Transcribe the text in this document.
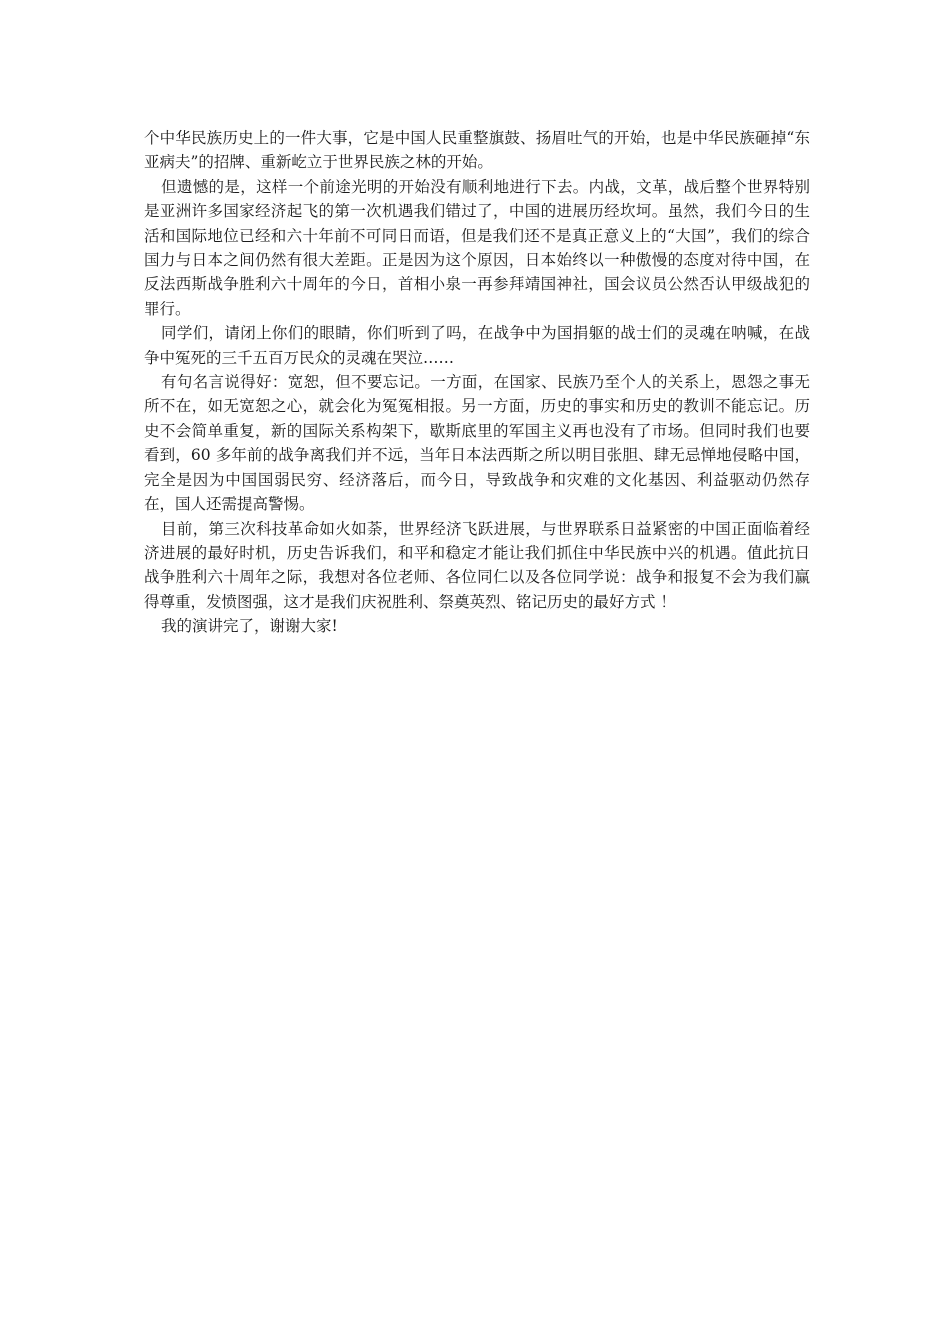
个中华民族历史上的一件大事，它是中国人民重整旗鼓、扬眉吐气的开始，也是中华民族砸掉“东亚病夫”的招牌、重新屹立于世界民族之林的开始。

但遗憾的是，这样一个前途光明的开始没有顺利地进行下去。内战，文革，战后整个世界特别是亚洲许多国家经济起飞的第一次机遇我们错过了，中国的进展历经坎坷。虽然，我们今日的生活和国际地位已经和六十年前不可同日而语，但是我们还不是真正意义上的“大国”，我们的综合国力与日本之间仍然有很大差距。正是因为这个原因，日本始终以一种傲慢的态度对待中国，在反法西斯战争胜利六十周年的今日，首相小泉一再参拜靖国神社，国会议员公然否认甲级战犯的罪行。

同学们，请闭上你们的眼睛，你们听到了吗，在战争中为国捐躯的战士们的灵魂在呐喊，在战争中冤死的三千五百万民众的灵魂在哭泣……

有句名言说得好：宽恕，但不要忘记。一方面，在国家、民族乃至个人的关系上，恩怨之事无所不在，如无宽恕之心，就会化为冤冤相报。另一方面，历史的事实和历史的教训不能忘记。历史不会简单重复，新的国际关系构架下，歇斯底里的军国主义再也没有了市场。但同时我们也要看到，60 多年前的战争离我们并不远，当年日本法西斯之所以明目张胆、肆无忌惮地侵略中国，完全是因为中国国弱民穷、经济落后，而今日，导致战争和灾难的文化基因、利益驱动仍然存在，国人还需提高警惕。

目前，第三次科技革命如火如荼，世界经济飞跃进展，与世界联系日益紧密的中国正面临着经济进展的最好时机，历史告诉我们，和平和稳定才能让我们抓住中华民族中兴的机遇。值此抗日战争胜利六十周年之际，我想对各位老师、各位同仁以及各位同学说：战争和报复不会为我们赢得尊重，发愤图强，这才是我们庆祝胜利、祭奠英烈、铭记历史的最好方式 ！

我的演讲完了，谢谢大家!
